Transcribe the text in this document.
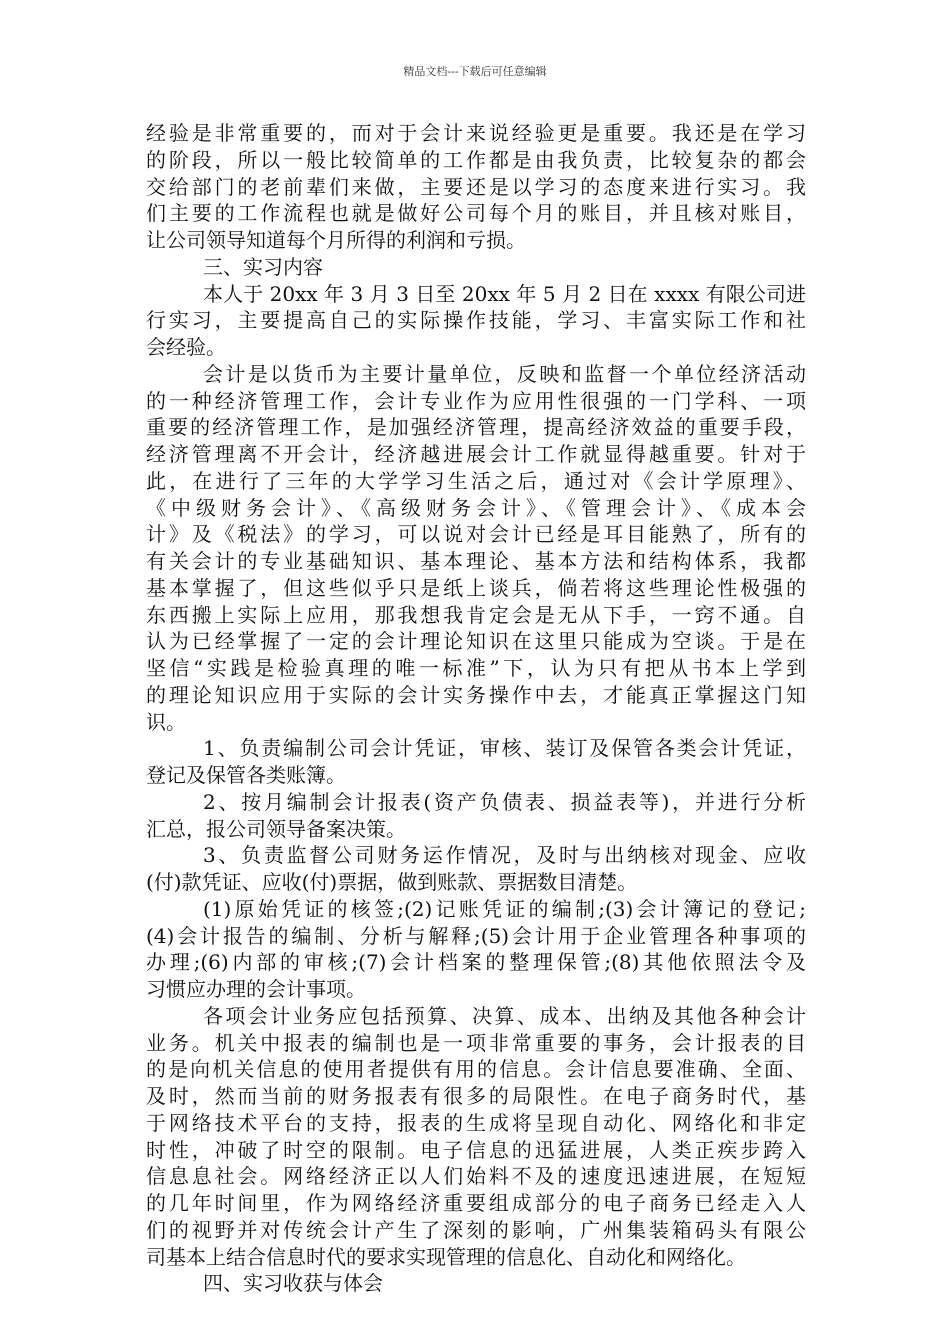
精品文档---下载后可任意编辑
经验是非常重要的，而对于会计来说经验更是重要。我还是在学习
的阶段，所以一般比较简单的工作都是由我负责，比较复杂的都会
交给部门的老前辈们来做，主要还是以学习的态度来进行实习。我
们主要的工作流程也就是做好公司每个月的账目，并且核对账目，
让公司领导知道每个月所得的利润和亏损。
三、实习内容
本人于 20xx 年 3 月 3 日至 20xx 年 5 月 2 日在 xxxx 有限公司进
行实习，主要提高自己的实际操作技能，学习、丰富实际工作和社
会经验。
会计是以货币为主要计量单位，反映和监督一个单位经济活动
的一种经济管理工作，会计专业作为应用性很强的一门学科、一项
重要的经济管理工作，是加强经济管理，提高经济效益的重要手段，
经济管理离不开会计，经济越进展会计工作就显得越重要。针对于
此，在进行了三年的大学学习生活之后，通过对《会计学原理》、
《中级财务会计》、《高级财务会计》、《管理会计》、《成本会
计》及《税法》的学习，可以说对会计已经是耳目能熟了，所有的
有关会计的专业基础知识、基本理论、基本方法和结构体系，我都
基本掌握了，但这些似乎只是纸上谈兵，倘若将这些理论性极强的
东西搬上实际上应用，那我想我肯定会是无从下手，一窍不通。自
认为已经掌握了一定的会计理论知识在这里只能成为空谈。于是在
坚信“实践是检验真理的唯一标准”下，认为只有把从书本上学到
的理论知识应用于实际的会计实务操作中去，才能真正掌握这门知
识。
1、负责编制公司会计凭证，审核、装订及保管各类会计凭证，
登记及保管各类账簿。
2、按月编制会计报表(资产负债表、损益表等)，并进行分析
汇总，报公司领导备案决策。
3、负责监督公司财务运作情况，及时与出纳核对现金、应收
(付)款凭证、应收(付)票据，做到账款、票据数目清楚。
(1)原始凭证的核签;(2)记账凭证的编制;(3)会计簿记的登记;
(4)会计报告的编制、分析与解释;(5)会计用于企业管理各种事项的
办理;(6)内部的审核;(7)会计档案的整理保管;(8)其他依照法令及
习惯应办理的会计事项。
各项会计业务应包括预算、决算、成本、出纳及其他各种会计
业务。机关中报表的编制也是一项非常重要的事务，会计报表的目
的是向机关信息的使用者提供有用的信息。会计信息要准确、全面、
及时，然而当前的财务报表有很多的局限性。在电子商务时代，基
于网络技术平台的支持，报表的生成将呈现自动化、网络化和非定
时性，冲破了时空的限制。电子信息的迅猛进展，人类正疾步跨入
信息息社会。网络经济正以人们始料不及的速度迅速进展，在短短
的几年时间里，作为网络经济重要组成部分的电子商务已经走入人
们的视野并对传统会计产生了深刻的影响，广州集装箱码头有限公
司基本上结合信息时代的要求实现管理的信息化、自动化和网络化。
四、实习收获与体会
